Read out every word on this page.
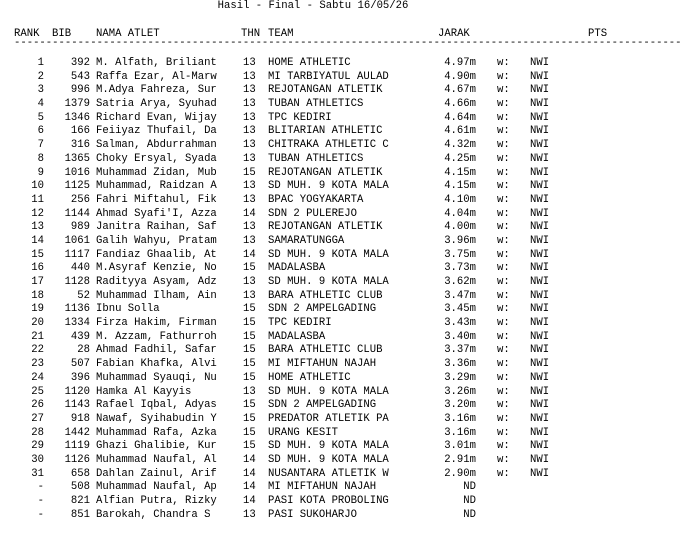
Hasil - Final - Sabtu 16/05/26
RANK BIB NAMA ATLET	THN TEAM	JARAK	PTS
---------------------------------------------------------------------------------------------------------
1	392 M. Alfath, Briliant	13	HOME ATHLETIC	4.97m w:	NWI
2	543 Raffa Ezar, Al-Marw	13	MI TARBIYATUL AULAD	4.90m w:	NWI
3	996 M.Adya Fahreza, Sur	13	REJOTANGAN ATLETIK	4.67m w:	NWI
4	1379 Satria Arya, Syuhad	13	TUBAN ATHLETICS	4.66m w:	NWI
5	1346 Richard Evan, Wijay	13	TPC KEDIRI	4.64m w:	NWI
6	166 Feiiyaz Thufail, Da	13	BLITARIAN ATHLETIC	4.61m w:	NWI
7	316 Salman, Abdurrahman	13	CHITRAKA ATHLETIC C	4.32m w:	NWI
8	1365 Choky Ersyal, Syada	13	TUBAN ATHLETICS	4.25m w:	NWI
9	1016 Muhammad Zidan, Mub	15	REJOTANGAN ATLETIK	4.15m w:	NWI
10	1125 Muhammad, Raidzan A	13	SD MUH. 9 KOTA MALA	4.15m w:	NWI
11	256 Fahri Miftahul, Fik	13	BPAC YOGYAKARTA	4.10m w:	NWI
12	1144 Ahmad Syafi'I, Azza	14	SDN 2 PULEREJO	4.04m w:	NWI
13	989 Janitra Raihan, Saf	13	REJOTANGAN ATLETIK	4.00m w:	NWI
14	1061 Galih Wahyu, Pratam	13	SAMARATUNGGA	3.96m w:	NWI
15	1117 Fandiaz Ghaalib, At	14	SD MUH. 9 KOTA MALA	3.75m w:	NWI
16	440 M.Asyraf Kenzie, No	15	MADALASBA	3.73m w:	NWI
17	1128 Radityya Asyam, Adz	13	SD MUH. 9 KOTA MALA	3.62m w:	NWI
18	52 Muhammad Ilham, Ain	13	BARA ATHLETIC CLUB	3.47m w:	NWI
19	1136 Ibnu Solla	15	SDN 2 AMPELGADING	3.45m w:	NWI
20	1334 Firza Hakim, Firman	15	TPC KEDIRI	3.43m w:	NWI
21	439 M. Azzam, Fathurroh	15	MADALASBA	3.40m w:	NWI
22	28 Ahmad Fadhil, Safar	15	BARA ATHLETIC CLUB	3.37m w:	NWI
23	507 Fabian Khafka, Alvi	15	MI MIFTAHUN NAJAH	3.36m w:	NWI
24	396 Muhammad Syauqi, Nu	15	HOME ATHLETIC	3.29m w:	NWI
25	1120 Hamka Al Kayyis	13	SD MUH. 9 KOTA MALA	3.26m w:	NWI
26	1143 Rafael Iqbal, Adyas	15	SDN 2 AMPELGADING	3.20m w:	NWI
27	918 Nawaf, Syihabudin Y	15	PREDATOR ATLETIK PA	3.16m w:	NWI
28	1442 Muhammad Rafa, Azka	15	URANG KESIT	3.16m w:	NWI
29	1119 Ghazi Ghalibie, Kur	15	SD MUH. 9 KOTA MALA	3.01m w:	NWI
30	1126 Muhammad Naufal, Al	14	SD MUH. 9 KOTA MALA	2.91m w:	NWI
31	658 Dahlan Zainul, Arif	14	NUSANTARA ATLETIK W	2.90m w:	NWI
-	508 Muhammad Naufal, Ap	14	MI MIFTAHUN NAJAH	ND
-	821 Alfian Putra, Rizky	14	PASI KOTA PROBOLING	ND
-	851 Barokah, Chandra S	13	PASI SUKOHARJO	ND
